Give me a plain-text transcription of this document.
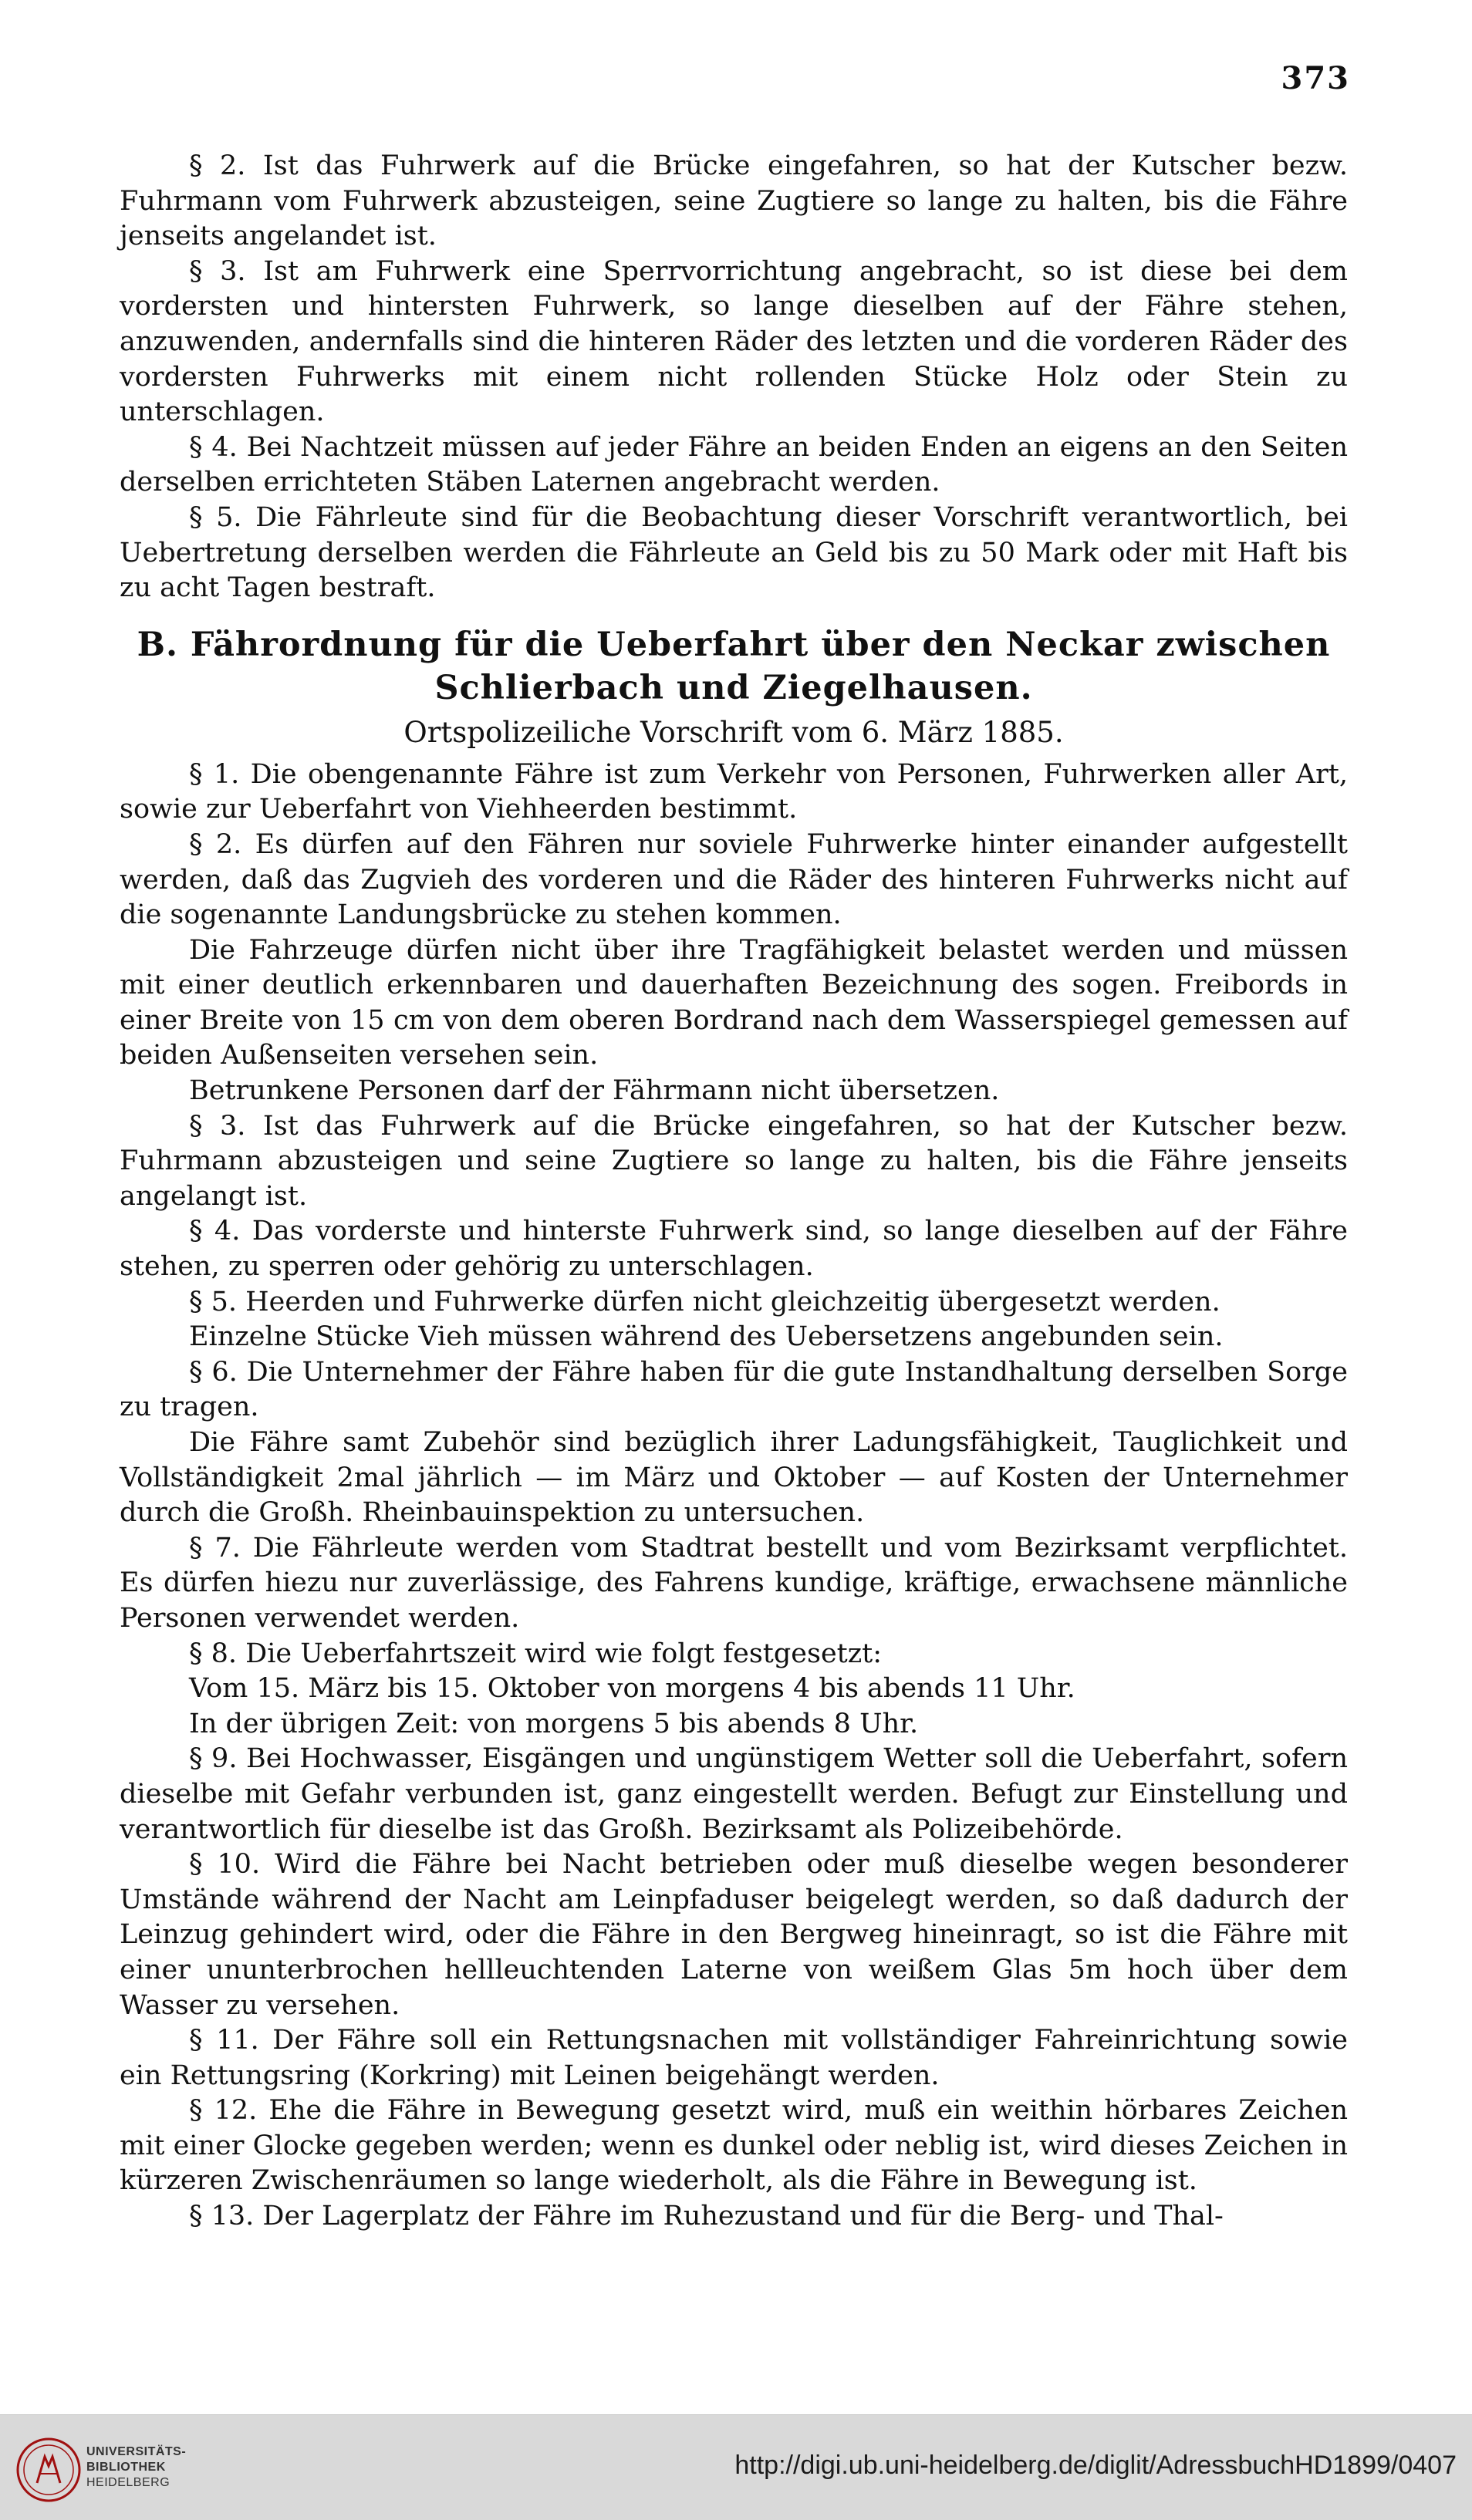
373

§ 2. Ist das Fuhrwerk auf die Brücke eingefahren, so hat der Kutscher bezw. Fuhrmann vom Fuhrwerk abzusteigen, seine Zugtiere so lange zu halten, bis die Fähre jenseits angelandet ist.

§ 3. Ist am Fuhrwerk eine Sperrvorrichtung angebracht, so ist diese bei dem vordersten und hintersten Fuhrwerk, so lange dieselben auf der Fähre stehen, anzuwenden, andernfalls sind die hinteren Räder des letzten und die vorderen Räder des vordersten Fuhrwerks mit einem nicht rollenden Stücke Holz oder Stein zu unterschlagen.

§ 4. Bei Nachtzeit müssen auf jeder Fähre an beiden Enden an eigens an den Seiten derselben errichteten Stäben Laternen angebracht werden.

§ 5. Die Fährleute sind für die Beobachtung dieser Vorschrift verantwortlich, bei Uebertretung derselben werden die Fährleute an Geld bis zu 50 Mark oder mit Haft bis zu acht Tagen bestraft.

B. Fährordnung für die Ueberfahrt über den Neckar zwischen Schlierbach und Ziegelhausen.
Ortspolizeiliche Vorschrift vom 6. März 1885.

§ 1. Die obengenannte Fähre ist zum Verkehr von Personen, Fuhrwerken aller Art, sowie zur Ueberfahrt von Viehheerden bestimmt.

§ 2. Es dürfen auf den Fähren nur soviele Fuhrwerke hinter einander aufgestellt werden, daß das Zugvieh des vorderen und die Räder des hinteren Fuhrwerks nicht auf die sogenannte Landungsbrücke zu stehen kommen.

Die Fahrzeuge dürfen nicht über ihre Tragfähigkeit belastet werden und müssen mit einer deutlich erkennbaren und dauerhaften Bezeichnung des sogen. Freibords in einer Breite von 15 cm von dem oberen Bordrand nach dem Wasserspiegel gemessen auf beiden Außenseiten versehen sein.

Betrunkene Personen darf der Fährmann nicht übersetzen.

§ 3. Ist das Fuhrwerk auf die Brücke eingefahren, so hat der Kutscher bezw. Fuhrmann abzusteigen und seine Zugtiere so lange zu halten, bis die Fähre jenseits angelangt ist.

§ 4. Das vorderste und hinterste Fuhrwerk sind, so lange dieselben auf der Fähre stehen, zu sperren oder gehörig zu unterschlagen.

§ 5. Heerden und Fuhrwerke dürfen nicht gleichzeitig übergesetzt werden.

Einzelne Stücke Vieh müssen während des Uebersetzens angebunden sein.

§ 6. Die Unternehmer der Fähre haben für die gute Instandhaltung derselben Sorge zu tragen.

Die Fähre samt Zubehör sind bezüglich ihrer Ladungsfähigkeit, Tauglichkeit und Vollständigkeit 2mal jährlich — im März und Oktober — auf Kosten der Unternehmer durch die Großh. Rheinbauinspektion zu untersuchen.

§ 7. Die Fährleute werden vom Stadtrat bestellt und vom Bezirksamt verpflichtet. Es dürfen hiezu nur zuverlässige, des Fahrens kundige, kräftige, erwachsene männliche Personen verwendet werden.

§ 8. Die Ueberfahrtszeit wird wie folgt festgesetzt:

Vom 15. März bis 15. Oktober von morgens 4 bis abends 11 Uhr.

In der übrigen Zeit: von morgens 5 bis abends 8 Uhr.

§ 9. Bei Hochwasser, Eisgängen und ungünstigem Wetter soll die Ueberfahrt, sofern dieselbe mit Gefahr verbunden ist, ganz eingestellt werden. Befugt zur Einstellung und verantwortlich für dieselbe ist das Großh. Bezirksamt als Polizeibehörde.

§ 10. Wird die Fähre bei Nacht betrieben oder muß dieselbe wegen besonderer Umstände während der Nacht am Leinpfaduser beigelegt werden, so daß dadurch der Leinzug gehindert wird, oder die Fähre in den Bergweg hineinragt, so ist die Fähre mit einer ununterbrochen hellleuchtenden Laterne von weißem Glas 5m hoch über dem Wasser zu versehen.

§ 11. Der Fähre soll ein Rettungsnachen mit vollständiger Fahreinrichtung sowie ein Rettungsring (Korkring) mit Leinen beigehängt werden.

§ 12. Ehe die Fähre in Bewegung gesetzt wird, muß ein weithin hörbares Zeichen mit einer Glocke gegeben werden; wenn es dunkel oder neblig ist, wird dieses Zeichen in kürzeren Zwischenräumen so lange wiederholt, als die Fähre in Bewegung ist.

§ 13. Der Lagerplatz der Fähre im Ruhezustand und für die Berg- und Thal-

UNIVERSITÄTS-
BIBLIOTHEK
HEIDELBERG
http://digi.ub.uni-heidelberg.de/diglit/AdressbuchHD1899/0407
